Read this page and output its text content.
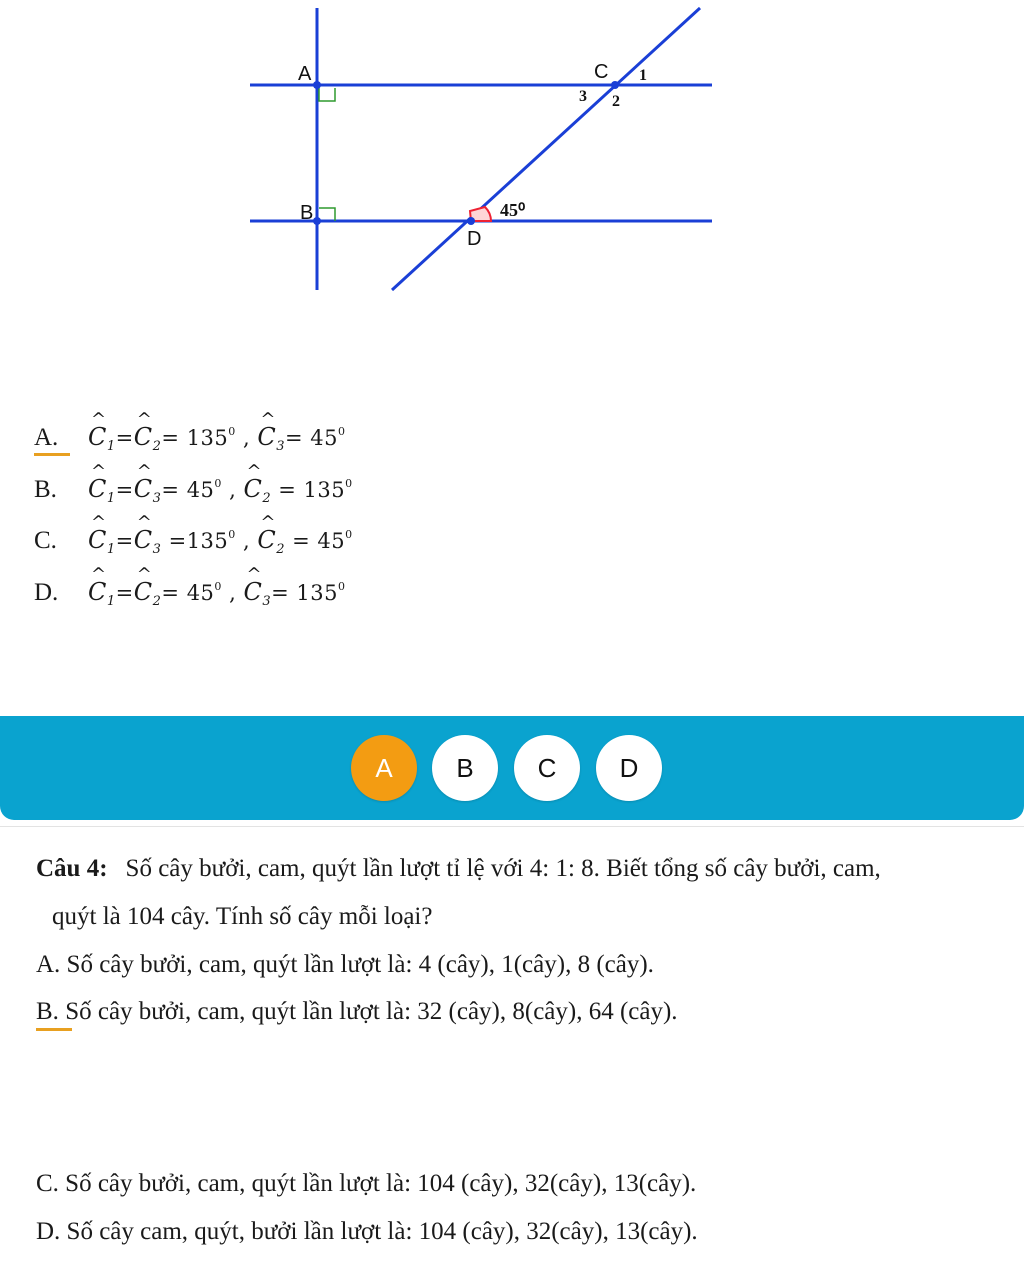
A
B
C
D
1
2
3
45⁰
A.	^ $C_1=\^{}$ $C_2= 135^0$ , ^ $C_3= 45^0$
B.	^ $C_1=\^{}$ $C_3= 45^0$ , ^ $C_2 = 135^0$
C.	^ $C_1=\^{}$ $C_3 =135^0$ , ^ $C_2 = 45^0$
D.	^ $C_1=\^{}$ $C_2= 45^0$ , ^ $C_3= 135^0$
A	B	C	D
Câu 4: Số cây bưởi, cam, quýt lần lượt tỉ lệ với 4: 1: 8. Biết tổng số cây bưởi, cam,
quýt là 104 cây. Tính số cây mỗi loại?
A. Số cây bưởi, cam, quýt lần lượt là: 4 (cây), 1(cây), 8 (cây).
B. Số cây bưởi, cam, quýt lần lượt là: 32 (cây), 8(cây), 64 (cây).
C. Số cây bưởi, cam, quýt lần lượt là: 104 (cây), 32(cây), 13(cây).
D. Số cây cam, quýt, bưởi lần lượt là: 104 (cây), 32(cây), 13(cây).
